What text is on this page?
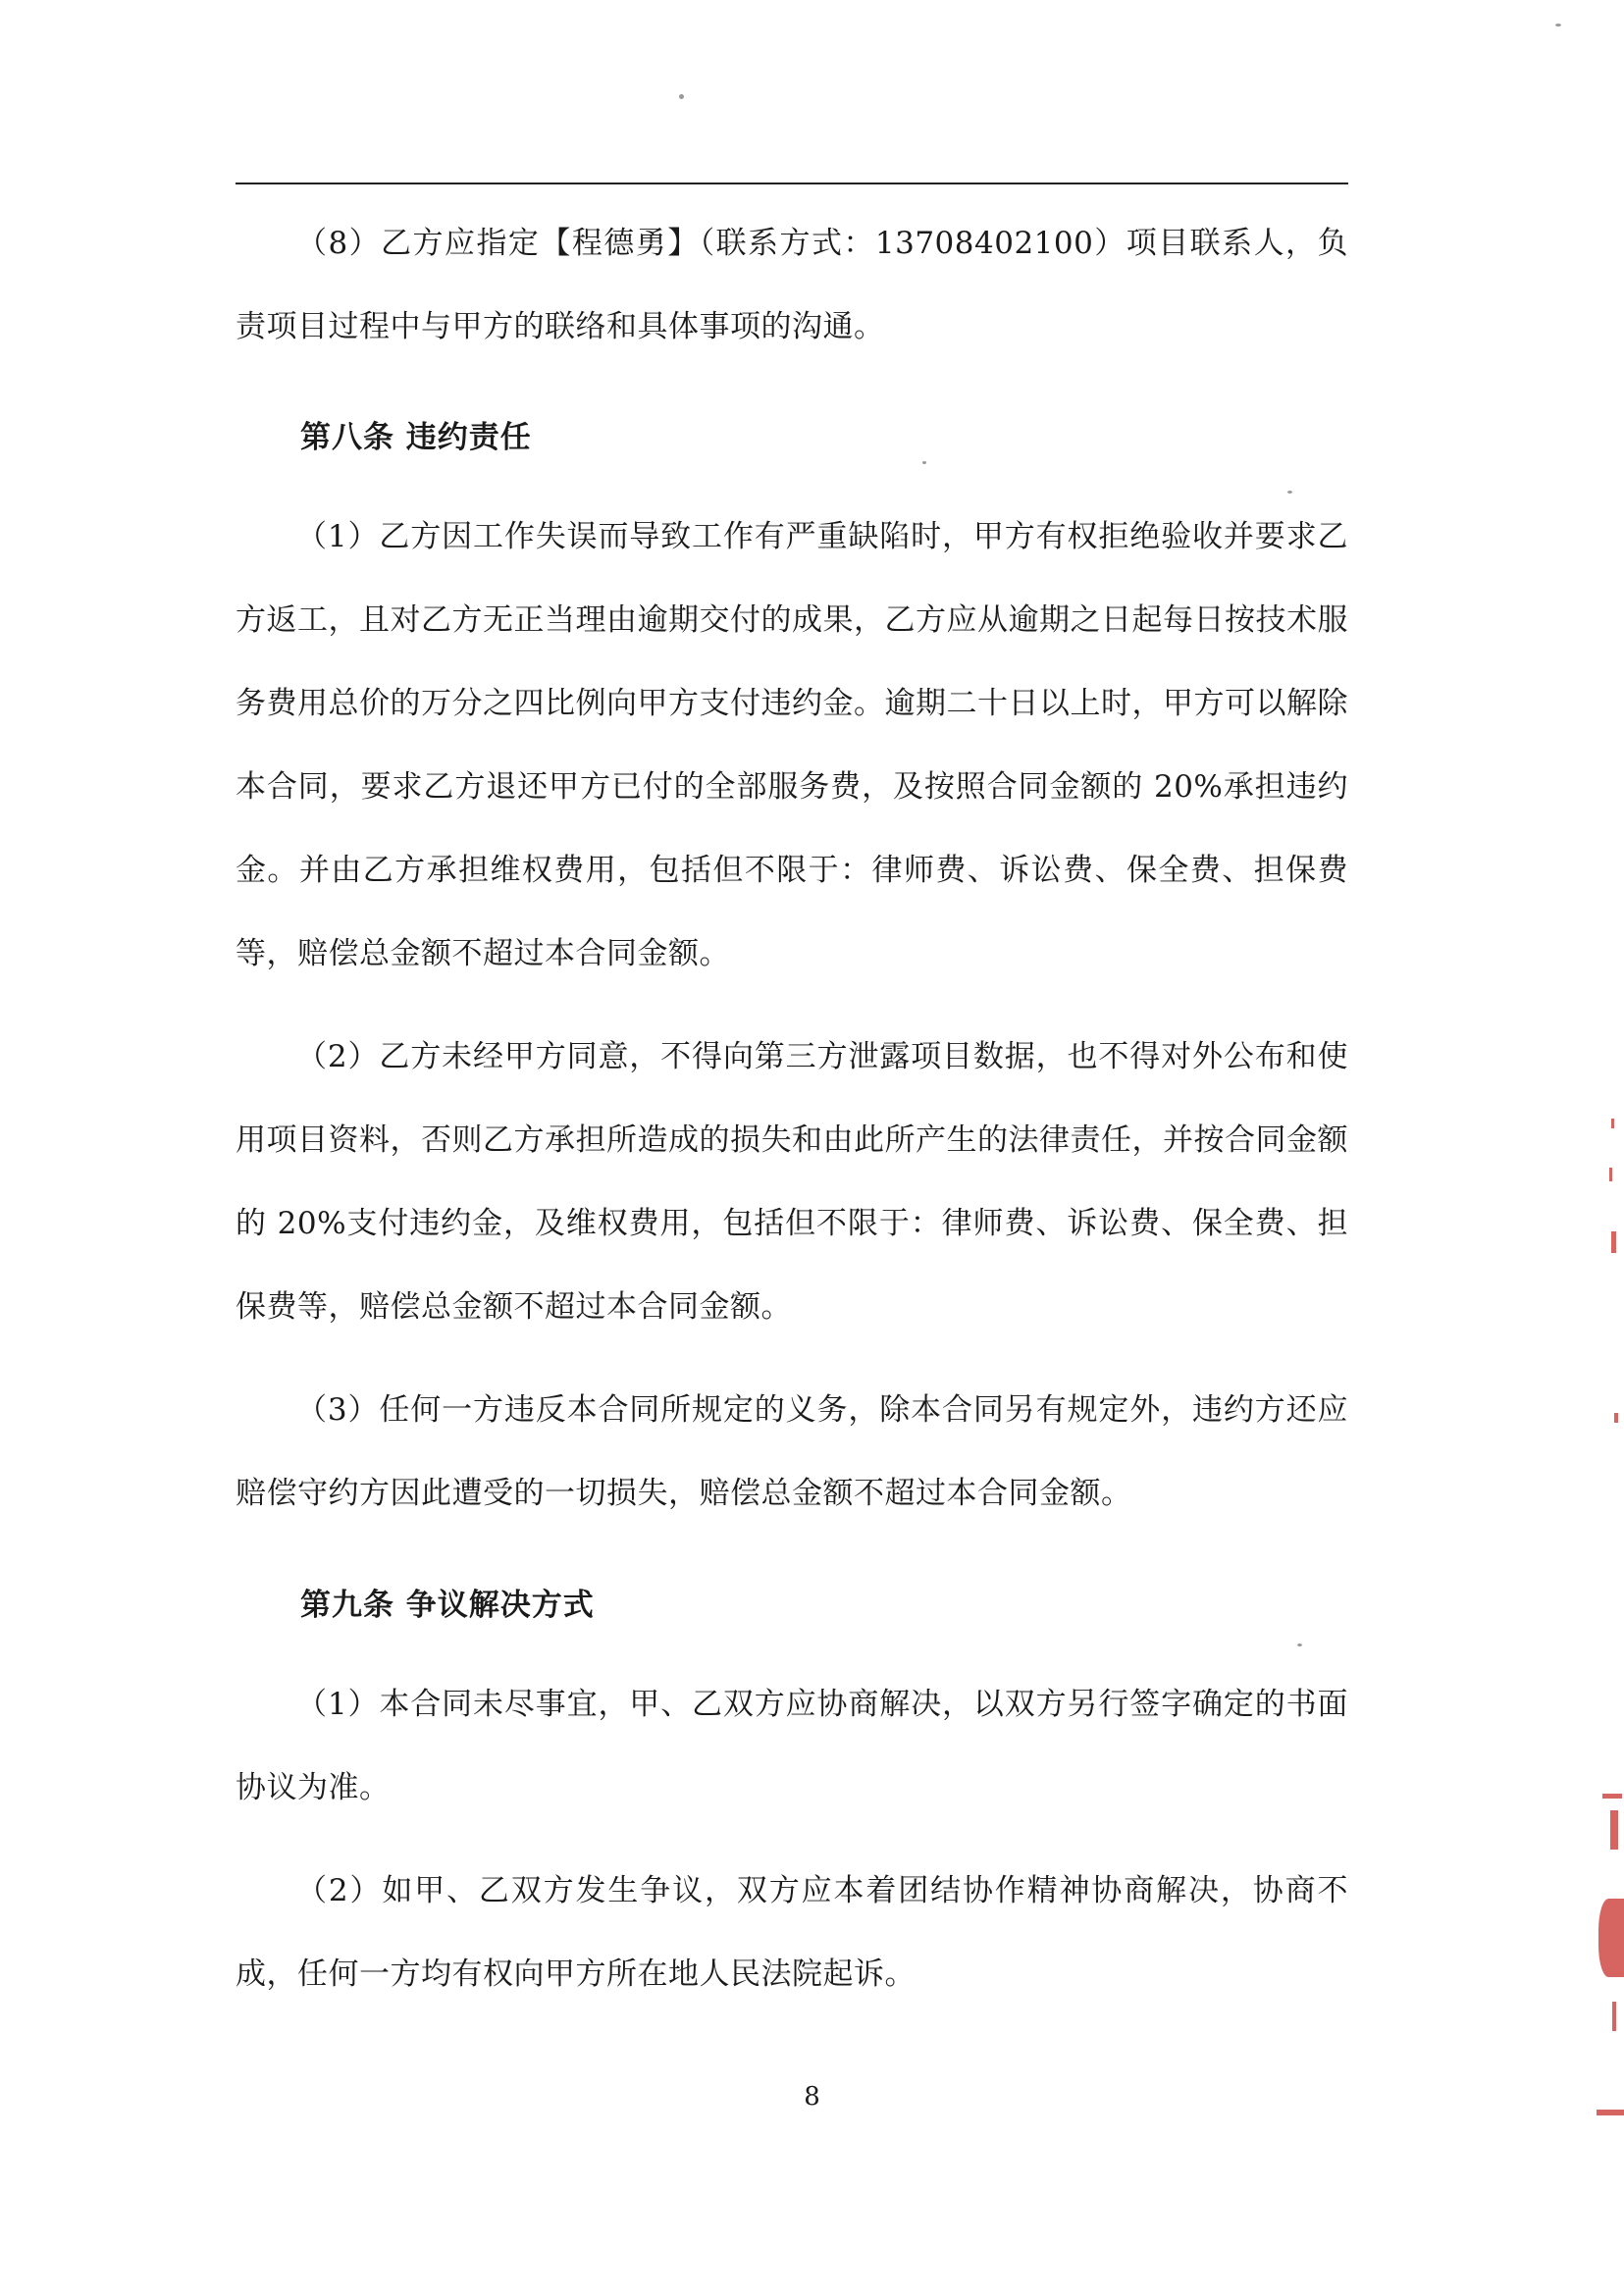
（8）乙方应指定【程德勇】（联系方式：13708402100）项目联系人，负责项目过程中与甲方的联络和具体事项的沟通。

第八条 违约责任

（1）乙方因工作失误而导致工作有严重缺陷时，甲方有权拒绝验收并要求乙方返工，且对乙方无正当理由逾期交付的成果，乙方应从逾期之日起每日按技术服务费用总价的万分之四比例向甲方支付违约金。逾期二十日以上时，甲方可以解除本合同，要求乙方退还甲方已付的全部服务费，及按照合同金额的 20%承担违约金。并由乙方承担维权费用，包括但不限于：律师费、诉讼费、保全费、担保费等，赔偿总金额不超过本合同金额。

（2）乙方未经甲方同意，不得向第三方泄露项目数据，也不得对外公布和使用项目资料，否则乙方承担所造成的损失和由此所产生的法律责任，并按合同金额的 20%支付违约金，及维权费用，包括但不限于：律师费、诉讼费、保全费、担保费等，赔偿总金额不超过本合同金额。

（3）任何一方违反本合同所规定的义务，除本合同另有规定外，违约方还应赔偿守约方因此遭受的一切损失，赔偿总金额不超过本合同金额。

第九条 争议解决方式

（1）本合同未尽事宜，甲、乙双方应协商解决，以双方另行签字确定的书面协议为准。

（2）如甲、乙双方发生争议，双方应本着团结协作精神协商解决，协商不成，任何一方均有权向甲方所在地人民法院起诉。

8
